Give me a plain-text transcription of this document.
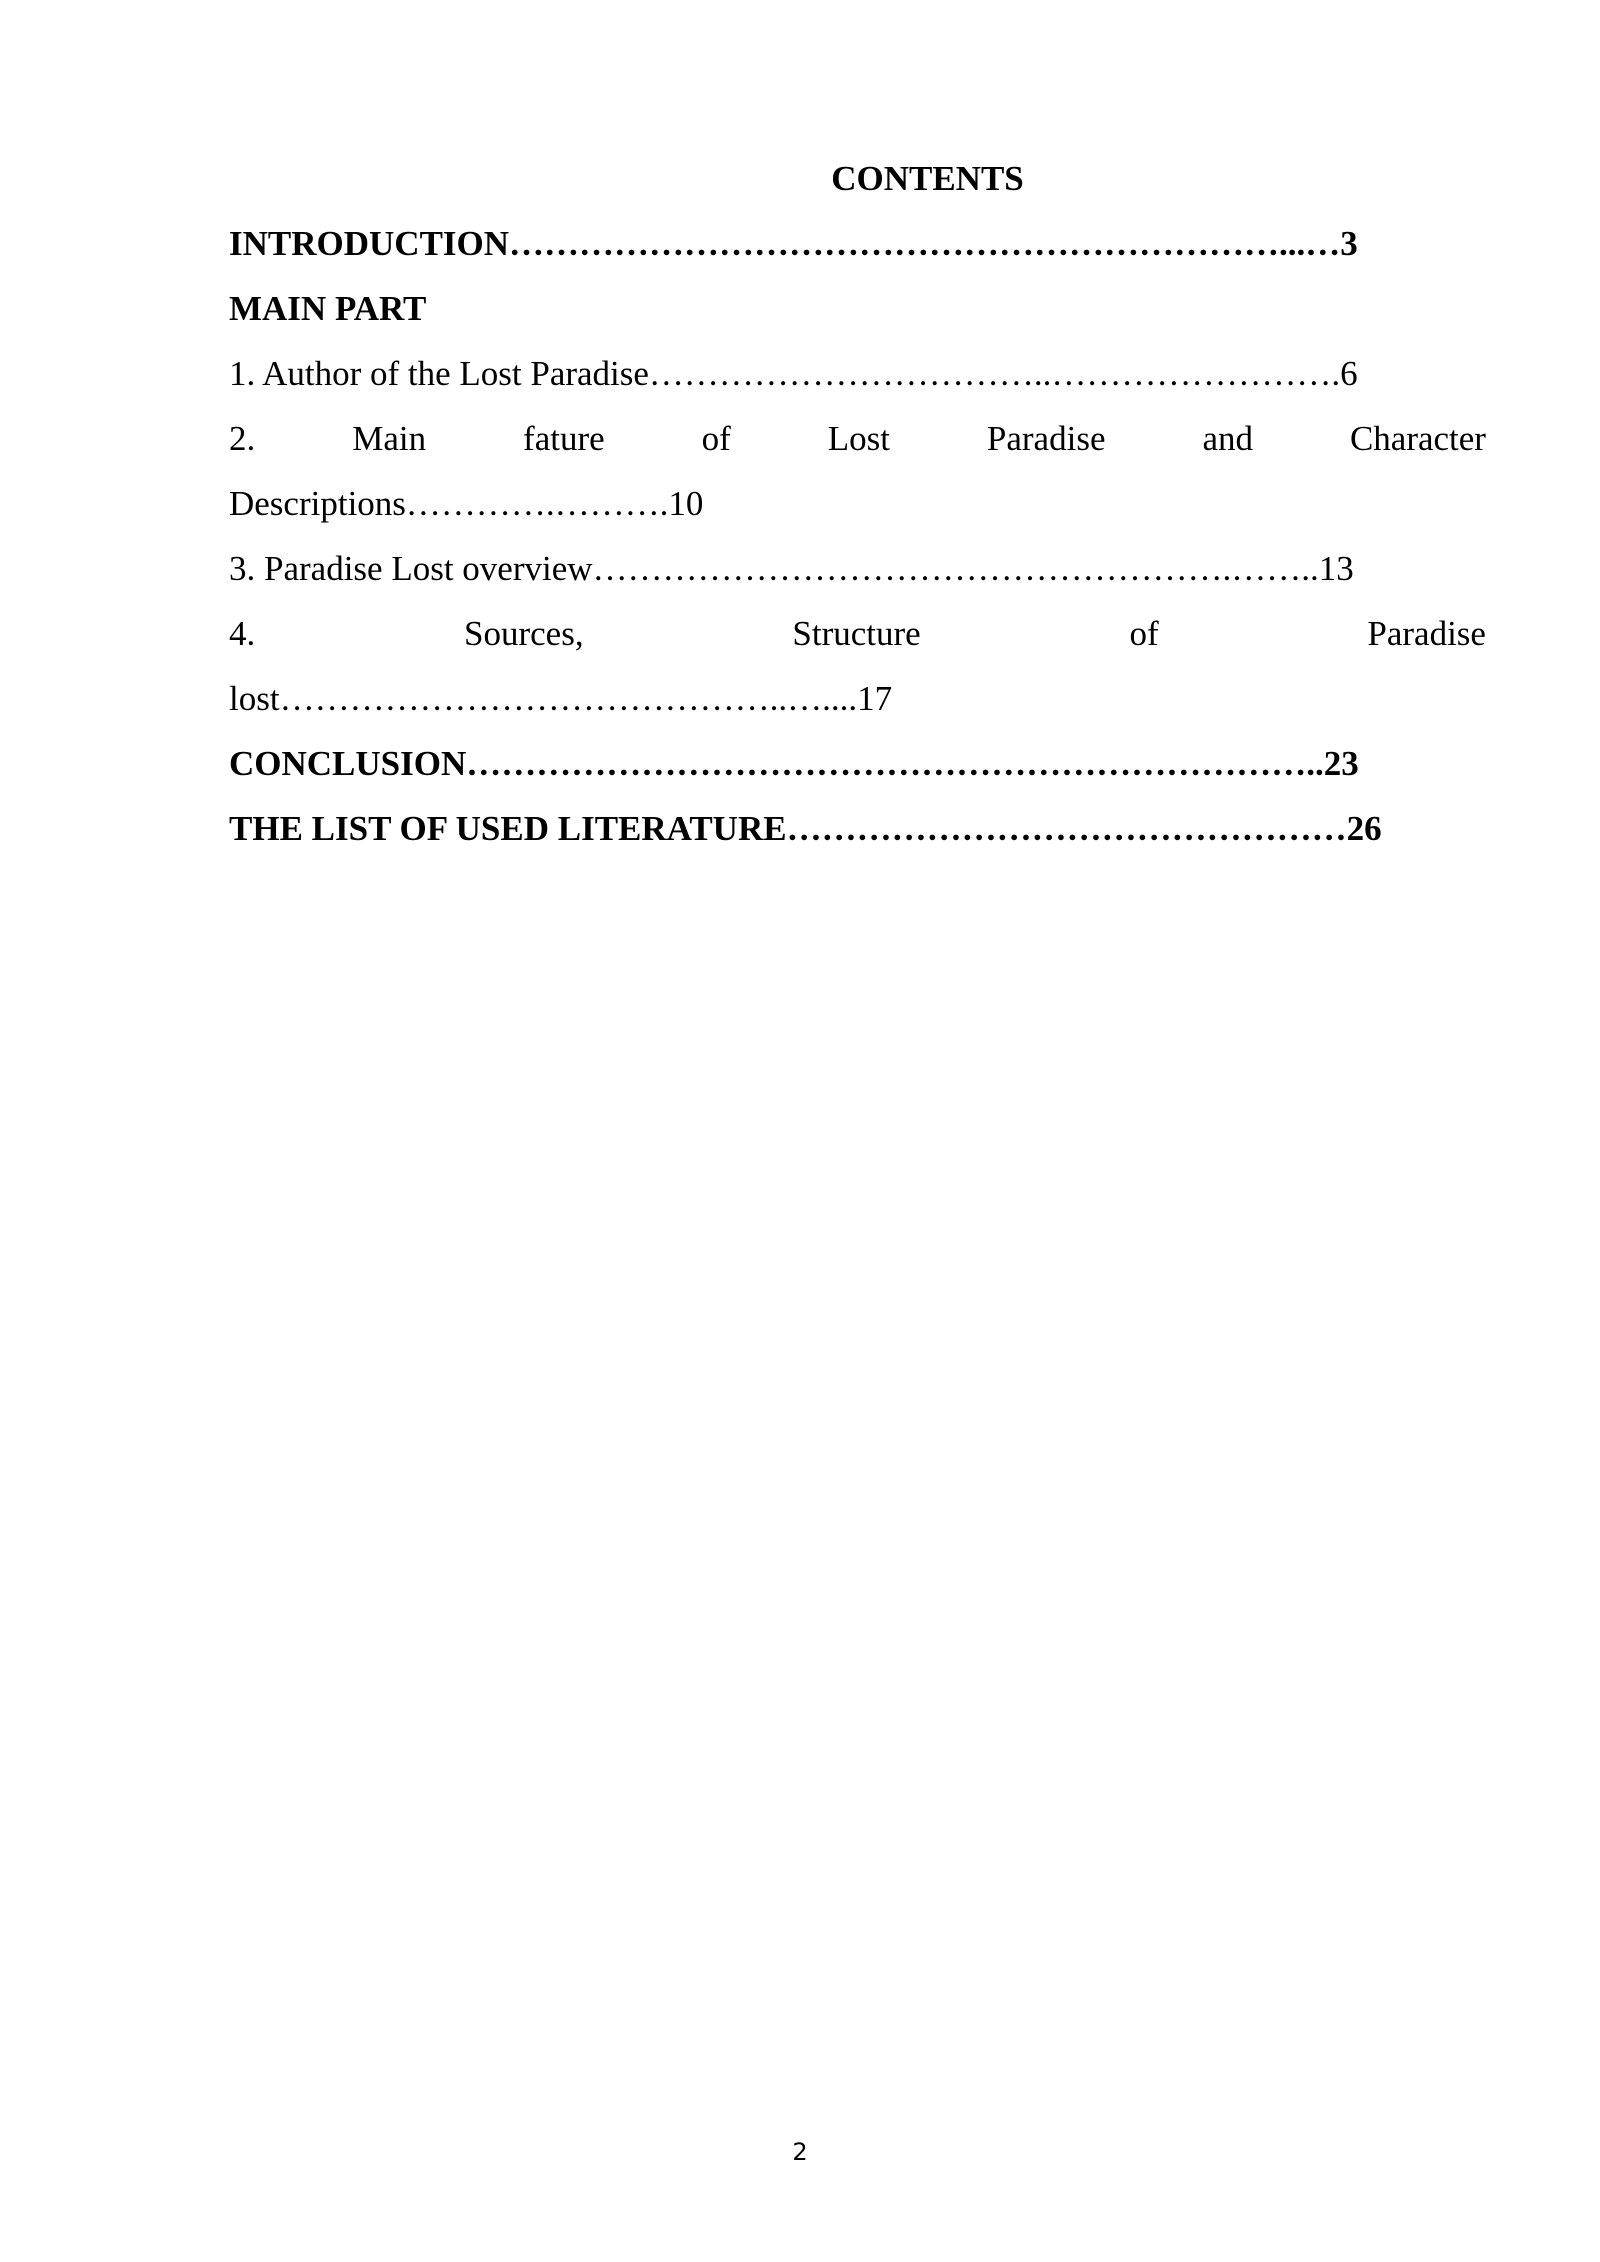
CONTENTS
INTRODUCTION…………………………………………………………...…3
MAIN PART
1. Author of the Lost Paradise……………………………..…………………….6
2.	Main	fature	of	Lost	Paradise	and	Character
Descriptions………….……….10
3. Paradise Lost overview……………………………………………….……..13
4.	Sources,	Structure	of	Paradise
lost……………………………………..…....17
CONCLUSION………………………………………………………………..23
THE LIST OF USED LITERATURE…………………………………………26
2
